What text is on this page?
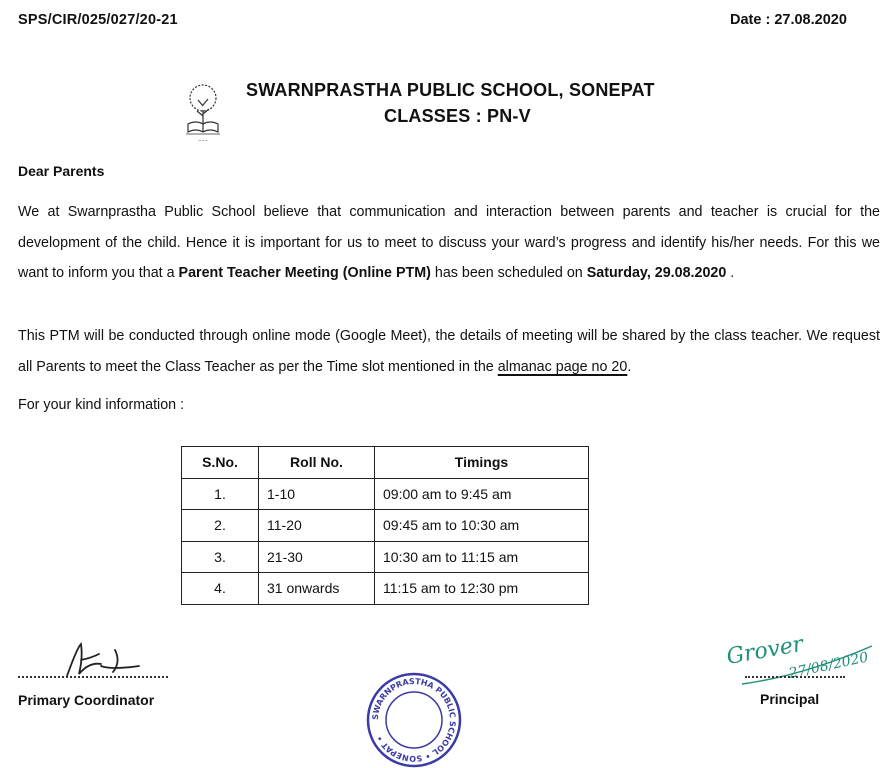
SPS/CIR/025/027/20-21	Date : 27.08.2020
~~~
SWARNPRASTHA PUBLIC SCHOOL, SONEPAT
CLASSES : PN-V
Dear Parents
We at Swarnprastha Public School believe that communication and interaction between parents and teacher is crucial for the development of the child. Hence it is important for us to meet to discuss your ward’s progress and identify his/her needs. For this we want to inform you that a Parent Teacher Meeting (Online PTM) has been scheduled on Saturday, 29.08.2020 .
This PTM will be conducted through online mode (Google Meet), the details of meeting will be shared by the class teacher. We request all Parents to meet the Class Teacher as per the Time slot mentioned in the almanac page no 20.
For your kind information :
S.No.	Roll No.	Timings
1.	1-10	09:00 am to 9:45 am
2.	11-20	09:45 am to 10:30 am
3.	21-30	10:30 am to 11:15 am
4.	31 onwards	11:15 am to 12:30 pm
Primary Coordinator
Grover
27/08/2020
Principal
SWARNPRASTHA PUBLIC SCHOOL • SONEPAT •
